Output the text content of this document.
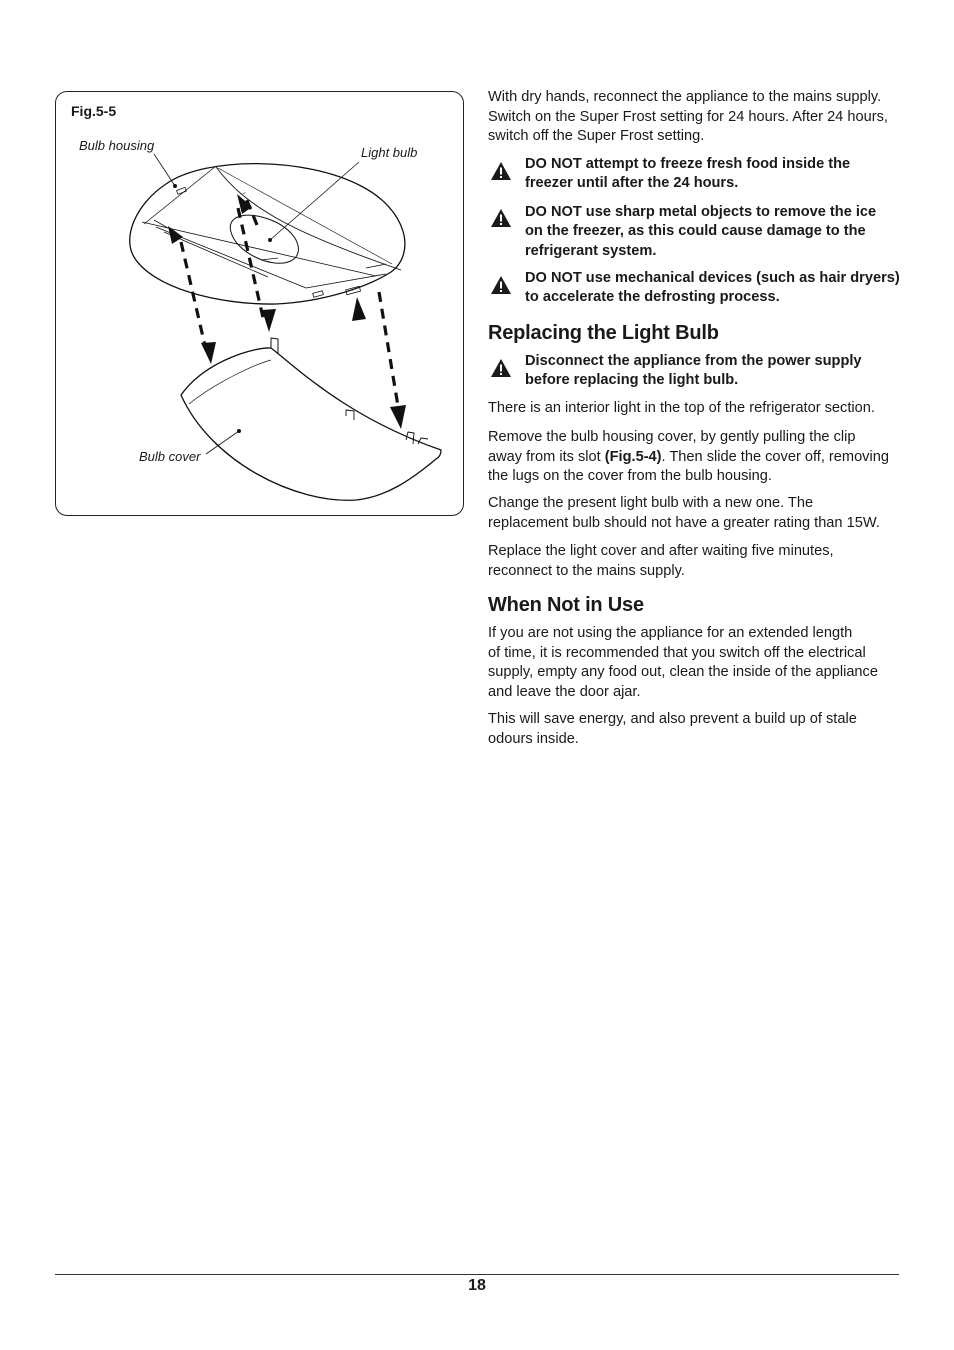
Fig.5-5
Bulb housing	Light bulb
Bulb cover

With dry hands, reconnect the appliance to the mains supply.
Switch on the Super Frost setting for 24 hours. After 24 hours,
switch off the Super Frost setting.

DO NOT attempt to freeze fresh food inside the
freezer until after the 24 hours.
DO NOT use sharp metal objects to remove the ice
on the freezer, as this could cause damage to the
refrigerant system.
DO NOT use mechanical devices (such as hair dryers)
to accelerate the defrosting process.
Replacing the Light Bulb
Disconnect the appliance from the power supply
before replacing the light bulb.

There is an interior light in the top of the refrigerator section.

Remove the bulb housing cover, by gently pulling the clip
away from its slot (Fig.5-4). Then slide the cover off, removing
the lugs on the cover from the bulb housing.

Change the present light bulb with a new one. The
replacement bulb should not have a greater rating than 15W.

Replace the light cover and after waiting five minutes,
reconnect to the mains supply.

When Not in Use

If you are not using the appliance for an extended length
of time, it is recommended that you switch off the electrical
supply, empty any food out, clean the inside of the appliance
and leave the door ajar.

This will save energy, and also prevent a build up of stale
odours inside.

18
